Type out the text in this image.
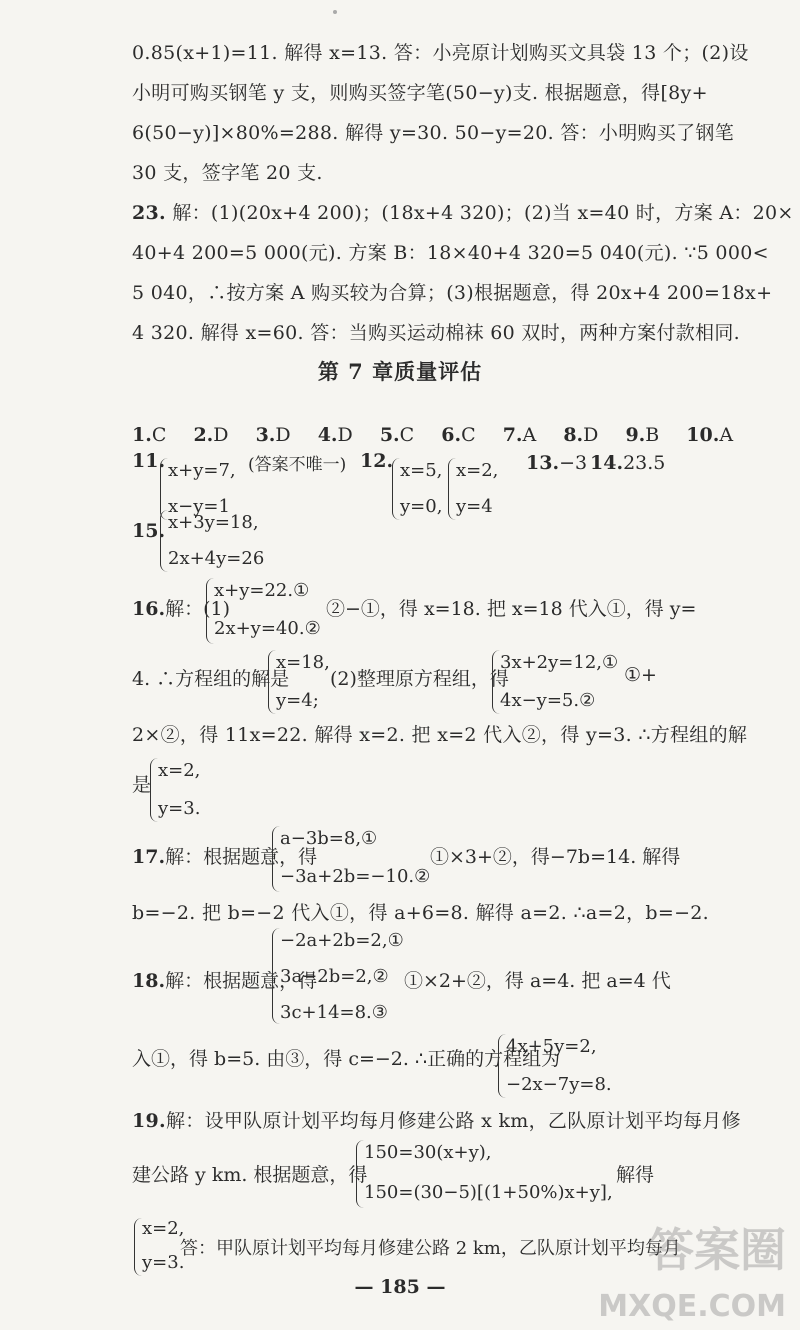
0.85(x+1)=11. 解得 x=13. 答：小亮原计划购买文具袋 13 个；(2)设
小明可购买钢笔 y 支，则购买签字笔(50−y)支. 根据题意，得[8y+
6(50−y)]×80%=288. 解得 y=30. 50−y=20. 答：小明购买了钢笔
30 支，签字笔 20 支.
23. 解：(1)(20x+4 200)；(18x+4 320)；(2)当 x=40 时，方案 A：20×
40+4 200=5 000(元). 方案 B：18×40+4 320=5 040(元). ∵5 000<
5 040，∴按方案 A 购买较为合算；(3)根据题意，得 20x+4 200=18x+
4 320. 解得 x=60. 答：当购买运动棉袜 60 双时，两种方案付款相同.
第 7 章质量评估
1.C 2.D 3.D 4.D 5.C 6.C 7.A 8.D 9.B 10.A
11. x+y=7,
x−y=1
(答案不唯一) 12. x=5,
y=0,
x=2,
y=4
13.−3 14.23.5
15. x+3y=18,
2x+4y=26
16.解：(1)
x+y=22.①
2x+y=40.②
②−①，得 x=18. 把 x=18 代入①，得 y=
4. ∴方程组的解是
x=18,
y=4;
(2)整理原方程组，得
3x+2y=12,①
4x−y=5.②
①+
2×②，得 11x=22. 解得 x=2. 把 x=2 代入②，得 y=3. ∴方程组的解
是
x=2,
y=3.
17.解：根据题意，得
a−3b=8,①
−3a+2b=−10.②
①×3+②，得−7b=14. 解得
b=−2. 把 b=−2 代入①，得 a+6=8. 解得 a=2. ∴a=2，b=−2.
18.解：根据题意，得
−2a+2b=2,①
3a−2b=2,②
3c+14=8.③
①×2+②，得 a=4. 把 a=4 代
入①，得 b=5. 由③，得 c=−2. ∴正确的方程组为
4x+5y=2,
−2x−7y=8.
19.解：设甲队原计划平均每月修建公路 x km，乙队原计划平均每月修
建公路 y km. 根据题意，得
150=30(x+y),
150=(30−5)[(1+50%)x+y],
解得
x=2,
y=3.
答：甲队原计划平均每月修建公路 2 km，乙队原计划平均每月
— 185 —
答案圈
MXQE.COM
